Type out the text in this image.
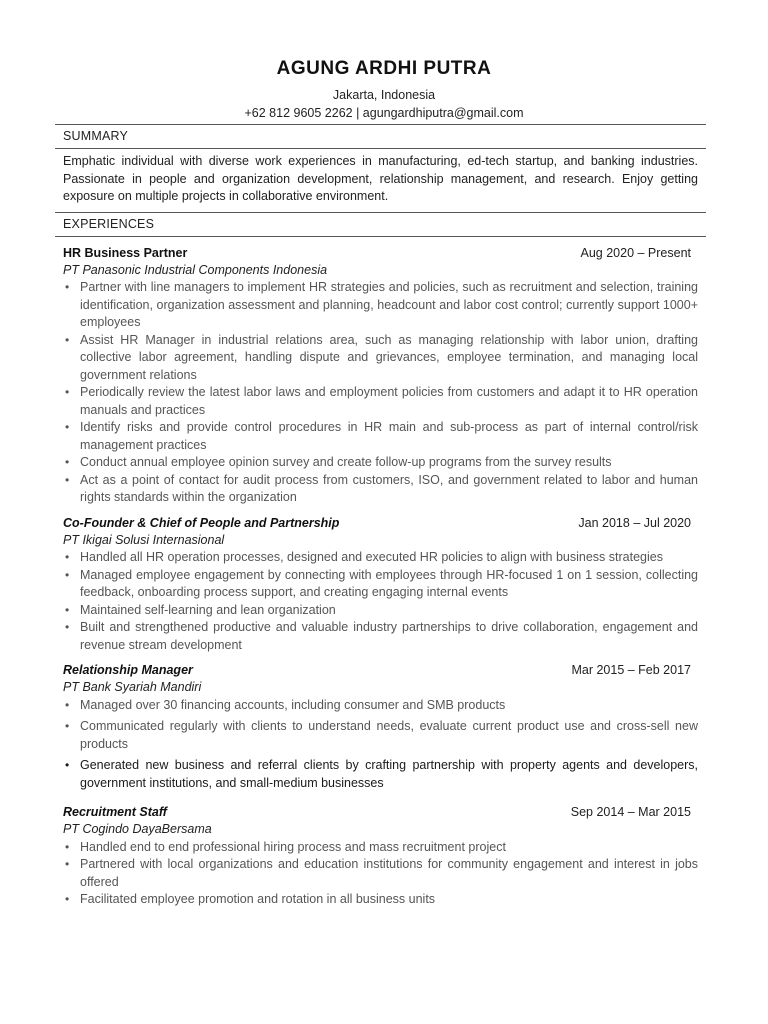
AGUNG ARDHI PUTRA
Jakarta, Indonesia
+62 812 9605 2262 | agungardhiputra@gmail.com
SUMMARY
Emphatic individual with diverse work experiences in manufacturing, ed-tech startup, and banking industries. Passionate in people and organization development, relationship management, and research. Enjoy getting exposure on multiple projects in collaborative environment.
EXPERIENCES
HR Business Partner	Aug 2020 – Present
PT Panasonic Industrial Components Indonesia
• Partner with line managers to implement HR strategies and policies, such as recruitment and selection, training identification, organization assessment and planning, headcount and labor cost control; currently support 1000+ employees
• Assist HR Manager in industrial relations area, such as managing relationship with labor union, drafting collective labor agreement, handling dispute and grievances, employee termination, and managing local government relations
• Periodically review the latest labor laws and employment policies from customers and adapt it to HR operation manuals and practices
• Identify risks and provide control procedures in HR main and sub-process as part of internal control/risk management practices
• Conduct annual employee opinion survey and create follow-up programs from the survey results
• Act as a point of contact for audit process from customers, ISO, and government related to labor and human rights standards within the organization
Co-Founder & Chief of People and Partnership	Jan 2018 – Jul 2020
PT Ikigai Solusi Internasional
• Handled all HR operation processes, designed and executed HR policies to align with business strategies
• Managed employee engagement by connecting with employees through HR-focused 1 on 1 session, collecting feedback, onboarding process support, and creating engaging internal events
• Maintained self-learning and lean organization
• Built and strengthened productive and valuable industry partnerships to drive collaboration, engagement and revenue stream development
Relationship Manager	Mar 2015 – Feb 2017
PT Bank Syariah Mandiri
• Managed over 30 financing accounts, including consumer and SMB products
• Communicated regularly with clients to understand needs, evaluate current product use and cross-sell new products
• Generated new business and referral clients by crafting partnership with property agents and developers, government institutions, and small-medium businesses
Recruitment Staff	Sep 2014 – Mar 2015
PT Cogindo DayaBersama
• Handled end to end professional hiring process and mass recruitment project
• Partnered with local organizations and education institutions for community engagement and interest in jobs offered
• Facilitated employee promotion and rotation in all business units
